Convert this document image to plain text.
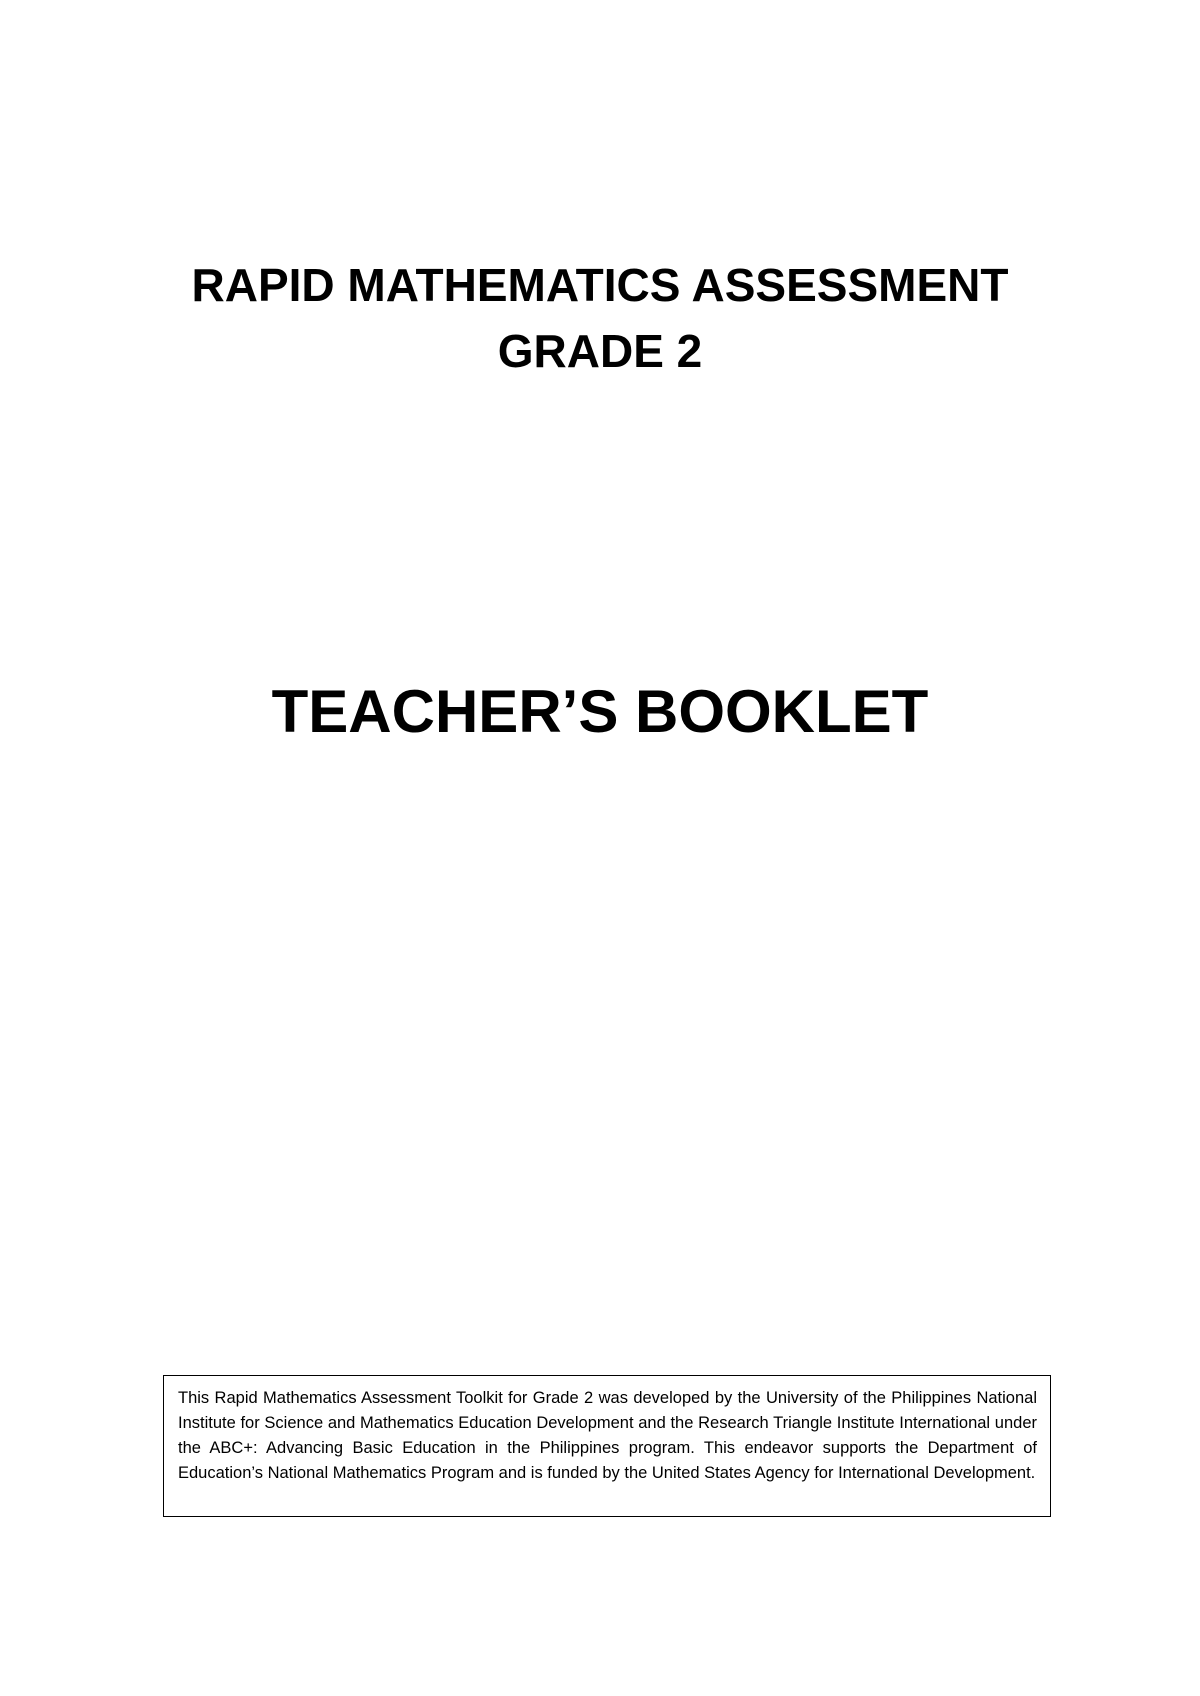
RAPID MATHEMATICS ASSESSMENT
GRADE 2
TEACHER’S BOOKLET

This Rapid Mathematics Assessment Toolkit for Grade 2 was developed by the University of the Philippines National Institute for Science and Mathematics Education Development and the Research Triangle Institute International under the ABC+: Advancing Basic Education in the Philippines program. This endeavor supports the Department of Education’s National Mathematics Program and is funded by the United States Agency for International Development.
